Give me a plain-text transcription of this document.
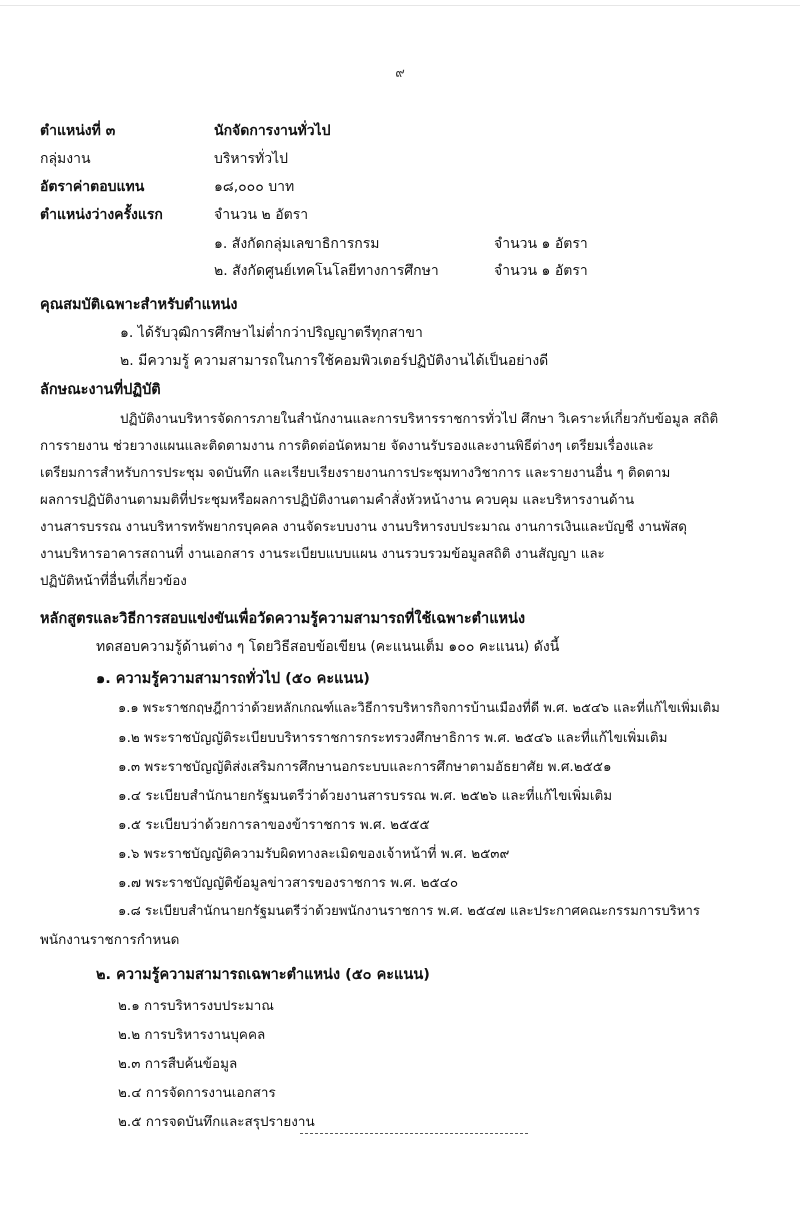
๙
ตำแหน่งที่ ๓	นักจัดการงานทั่วไป
กลุ่มงาน	บริหารทั่วไป
อัตราค่าตอบแทน	๑๘,๐๐๐ บาท
ตำแหน่งว่างครั้งแรก	จำนวน ๒ อัตรา
๑. สังกัดกลุ่มเลขาธิการกรม	จำนวน ๑ อัตรา
๒. สังกัดศูนย์เทคโนโลยีทางการศึกษา	จำนวน ๑ อัตรา
คุณสมบัติเฉพาะสำหรับตำแหน่ง
๑. ได้รับวุฒิการศึกษาไม่ต่ำกว่าปริญญาตรีทุกสาขา
๒. มีความรู้ ความสามารถในการใช้คอมพิวเตอร์ปฏิบัติงานได้เป็นอย่างดี
ลักษณะงานที่ปฏิบัติ
ปฏิบัติงานบริหารจัดการภายในสำนักงานและการบริหารราชการทั่วไป ศึกษา วิเคราะห์เกี่ยวกับข้อมูล สถิติ
การรายงาน ช่วยวางแผนและติดตามงาน การติดต่อนัดหมาย จัดงานรับรองและงานพิธีต่างๆ เตรียมเรื่องและ
เตรียมการสำหรับการประชุม จดบันทึก และเรียบเรียงรายงานการประชุมทางวิชาการ และรายงานอื่น ๆ ติดตาม
ผลการปฏิบัติงานตามมติที่ประชุมหรือผลการปฏิบัติงานตามคำสั่งหัวหน้างาน ควบคุม และบริหารงานด้าน
งานสารบรรณ งานบริหารทรัพยากรบุคคล งานจัดระบบงาน งานบริหารงบประมาณ งานการเงินและบัญชี งานพัสดุ
งานบริหารอาคารสถานที่ งานเอกสาร งานระเบียบแบบแผน งานรวบรวมข้อมูลสถิติ งานสัญญา และ
ปฏิบัติหน้าที่อื่นที่เกี่ยวข้อง
หลักสูตรและวิธีการสอบแข่งขันเพื่อวัดความรู้ความสามารถที่ใช้เฉพาะตำแหน่ง
ทดสอบความรู้ด้านต่าง ๆ โดยวิธีสอบข้อเขียน (คะแนนเต็ม ๑๐๐ คะแนน) ดังนี้
๑. ความรู้ความสามารถทั่วไป (๕๐ คะแนน)
๑.๑ พระราชกฤษฎีกาว่าด้วยหลักเกณฑ์และวิธีการบริหารกิจการบ้านเมืองที่ดี พ.ศ. ๒๕๔๖ และที่แก้ไขเพิ่มเติม
๑.๒ พระราชบัญญัติระเบียบบริหารราชการกระทรวงศึกษาธิการ พ.ศ. ๒๕๔๖ และที่แก้ไขเพิ่มเติม
๑.๓ พระราชบัญญัติส่งเสริมการศึกษานอกระบบและการศึกษาตามอัธยาศัย พ.ศ.๒๕๕๑
๑.๔ ระเบียบสำนักนายกรัฐมนตรีว่าด้วยงานสารบรรณ พ.ศ. ๒๕๒๖ และที่แก้ไขเพิ่มเติม
๑.๕ ระเบียบว่าด้วยการลาของข้าราชการ พ.ศ. ๒๕๕๕
๑.๖ พระราชบัญญัติความรับผิดทางละเมิดของเจ้าหน้าที่ พ.ศ. ๒๕๓๙
๑.๗ พระราชบัญญัติข้อมูลข่าวสารของราชการ พ.ศ. ๒๕๔๐
๑.๘ ระเบียบสำนักนายกรัฐมนตรีว่าด้วยพนักงานราชการ พ.ศ. ๒๕๔๗ และประกาศคณะกรรมการบริหาร
พนักงานราชการกำหนด
๒. ความรู้ความสามารถเฉพาะตำแหน่ง (๕๐ คะแนน)
๒.๑ การบริหารงบประมาณ
๒.๒ การบริหารงานบุคคล
๒.๓ การสืบค้นข้อมูล
๒.๔ การจัดการงานเอกสาร
๒.๕ การจดบันทึกและสรุปรายงาน
